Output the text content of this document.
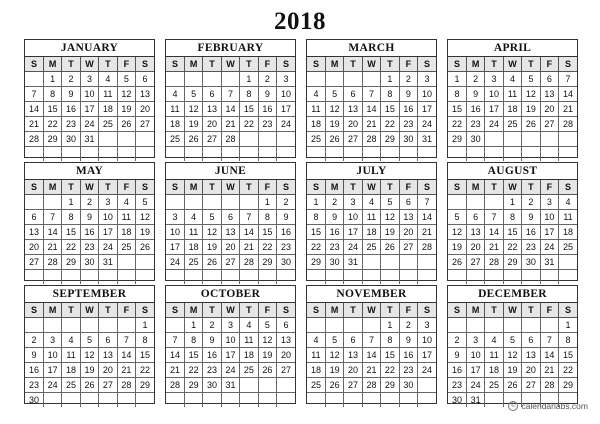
2018
JANUARY
S	M	T	W	T	F	S
	1	2	3	4	5	6
7	8	9	10	11	12	13
14	15	16	17	18	19	20
21	22	23	24	25	26	27
28	29	30	31			

FEBRUARY
S	M	T	W	T	F	S
				1	2	3
4	5	6	7	8	9	10
11	12	13	14	15	16	17
18	19	20	21	22	23	24
25	26	27	28			

MARCH
S	M	T	W	T	F	S
				1	2	3
4	5	6	7	8	9	10
11	12	13	14	15	16	17
18	19	20	21	22	23	24
25	26	27	28	29	30	31

APRIL
S	M	T	W	T	F	S
1	2	3	4	5	6	7
8	9	10	11	12	13	14
15	16	17	18	19	20	21
22	23	24	25	26	27	28
29	30					

MAY
S	M	T	W	T	F	S
		1	2	3	4	5
6	7	8	9	10	11	12
13	14	15	16	17	18	19
20	21	22	23	24	25	26
27	28	29	30	31		

JUNE
S	M	T	W	T	F	S
					1	2
3	4	5	6	7	8	9
10	11	12	13	14	15	16
17	18	19	20	21	22	23
24	25	26	27	28	29	30

JULY
S	M	T	W	T	F	S
1	2	3	4	5	6	7
8	9	10	11	12	13	14
15	16	17	18	19	20	21
22	23	24	25	26	27	28
29	30	31				

AUGUST
S	M	T	W	T	F	S
			1	2	3	4
5	6	7	8	9	10	11
12	13	14	15	16	17	18
19	20	21	22	23	24	25
26	27	28	29	30	31	

SEPTEMBER
S	M	T	W	T	F	S
						1
2	3	4	5	6	7	8
9	10	11	12	13	14	15
16	17	18	19	20	21	22
23	24	25	26	27	28	29
30						
OCTOBER
S	M	T	W	T	F	S
	1	2	3	4	5	6
7	8	9	10	11	12	13
14	15	16	17	18	19	20
21	22	23	24	25	26	27
28	29	30	31			

NOVEMBER
S	M	T	W	T	F	S
				1	2	3
4	5	6	7	8	9	10
11	12	13	14	15	16	17
18	19	20	21	22	23	24
25	26	27	28	29	30	

DECEMBER
S	M	T	W	T	F	S
						1
2	3	4	5	6	7	8
9	10	11	12	13	14	15
16	17	18	19	20	21	22
23	24	25	26	27	28	29
30	31					
© calendarlabs.com
